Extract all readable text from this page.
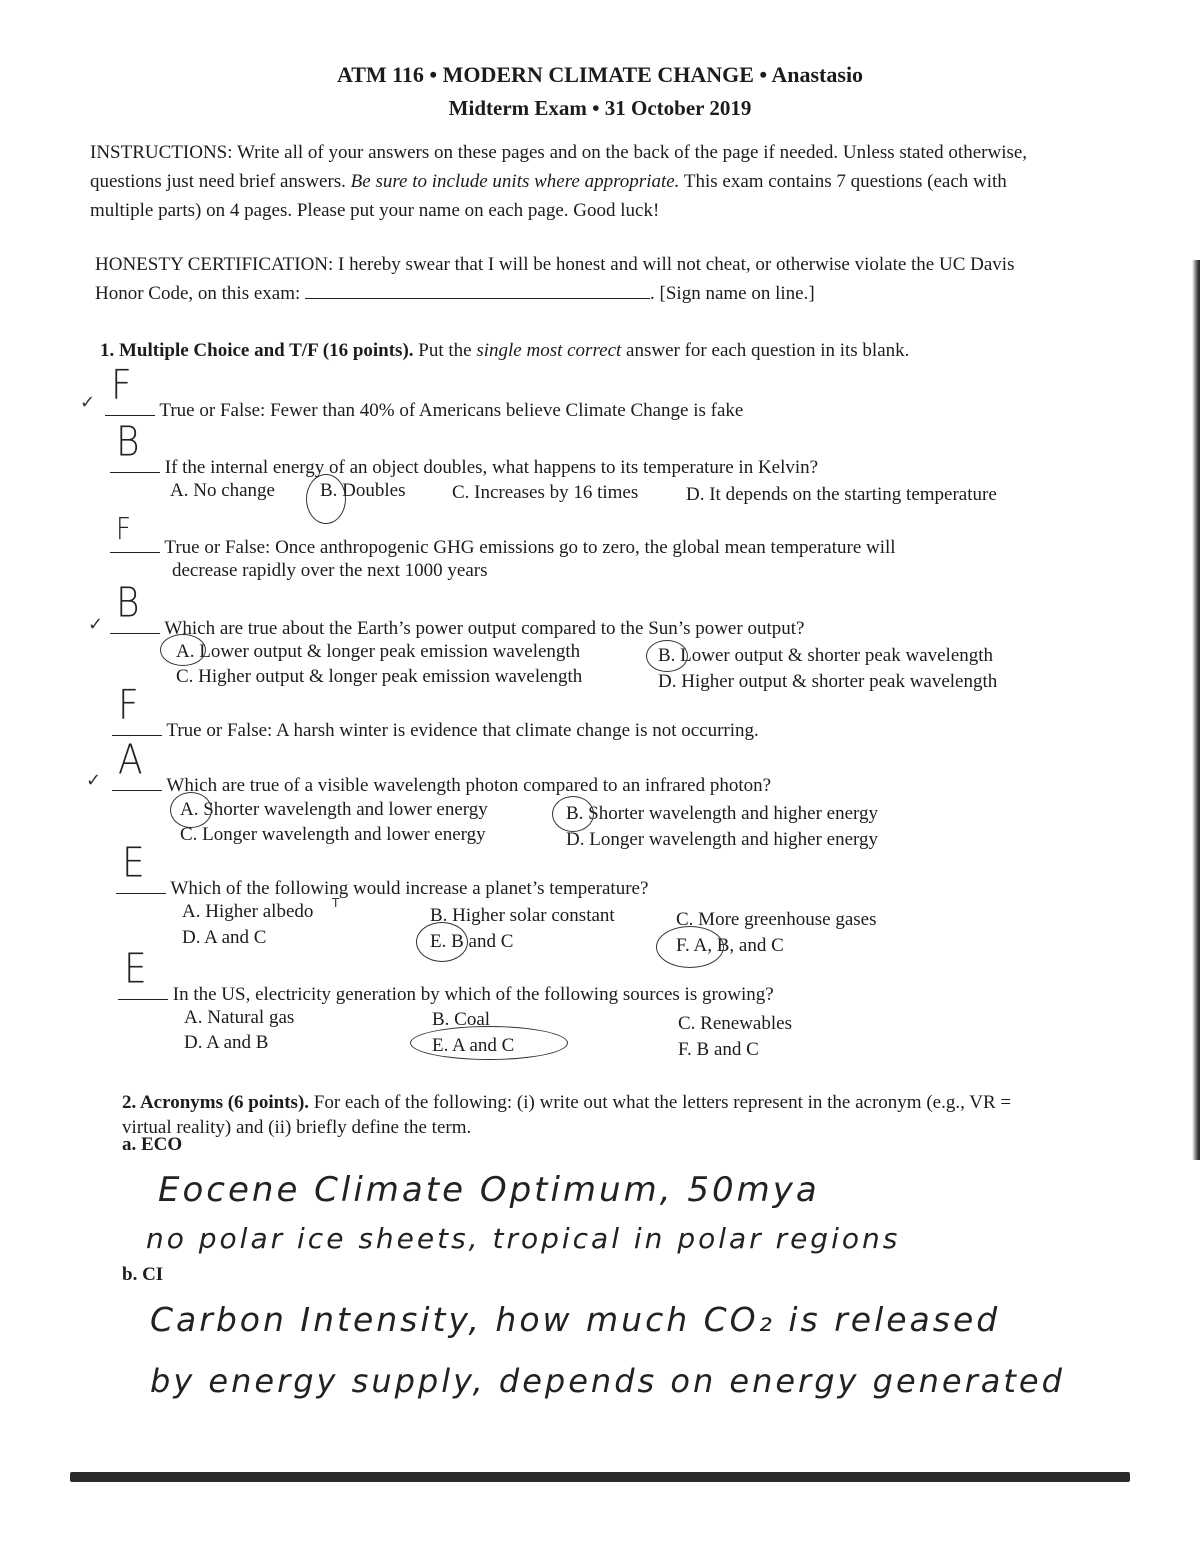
ATM 116 • MODERN CLIMATE CHANGE • Anastasio
Midterm Exam • 31 October 2019
INSTRUCTIONS: Write all of your answers on these pages and on the back of the page if needed. Unless stated otherwise, questions just need brief answers. Be sure to include units where appropriate. This exam contains 7 questions (each with multiple parts) on 4 pages. Please put your name on each page. Good luck!
HONESTY CERTIFICATION: I hereby swear that I will be honest and will not cheat, or otherwise violate the UC Davis Honor Code, on this exam:	. [Sign name on line.]
1. Multiple Choice and T/F (16 points). Put the single most correct answer for each question in its blank.
✓ F
True or False: Fewer than 40% of Americans believe Climate Change is fake
B
If the internal energy of an object doubles, what happens to its temperature in Kelvin?
A. No change B. Doubles C. Increases by 16 times	D. It depends on the starting temperature
F
True or False: Once anthropogenic GHG emissions go to zero, the global mean temperature will
decrease rapidly over the next 1000 years
✓ B
Which are true about the Earth’s power output compared to the Sun’s power output?
A. Lower output & longer peak emission wavelength	B. Lower output & shorter peak wavelength
C. Higher output & longer peak emission wavelength	D. Higher output & shorter peak wavelength
F
True or False: A harsh winter is evidence that climate change is not occurring.
✓ A
Which are true of a visible wavelength photon compared to an infrared photon?
A. Shorter wavelength and lower energy	B. Shorter wavelength and higher energy
C. Longer wavelength and lower energy	D. Longer wavelength and higher energy
E
Which of the following would increase a planet’s temperature?
A. Higher albedo T
B. Higher solar constant	C. More greenhouse gases
D. A and C	E. B and C	F. A, B, and C
E
In the US, electricity generation by which of the following sources is growing?
A. Natural gas	B. Coal	C. Renewables
D. A and B	E. A and C	F. B and C
2. Acronyms (6 points). For each of the following: (i) write out what the letters represent in the acronym (e.g., VR = virtual reality) and (ii) briefly define the term.
a. ECO
Eocene Climate Optimum, 50mya
no polar ice sheets, tropical in polar regions
b. CI
Carbon Intensity, how much CO₂ is released
by energy supply, depends on energy generated
